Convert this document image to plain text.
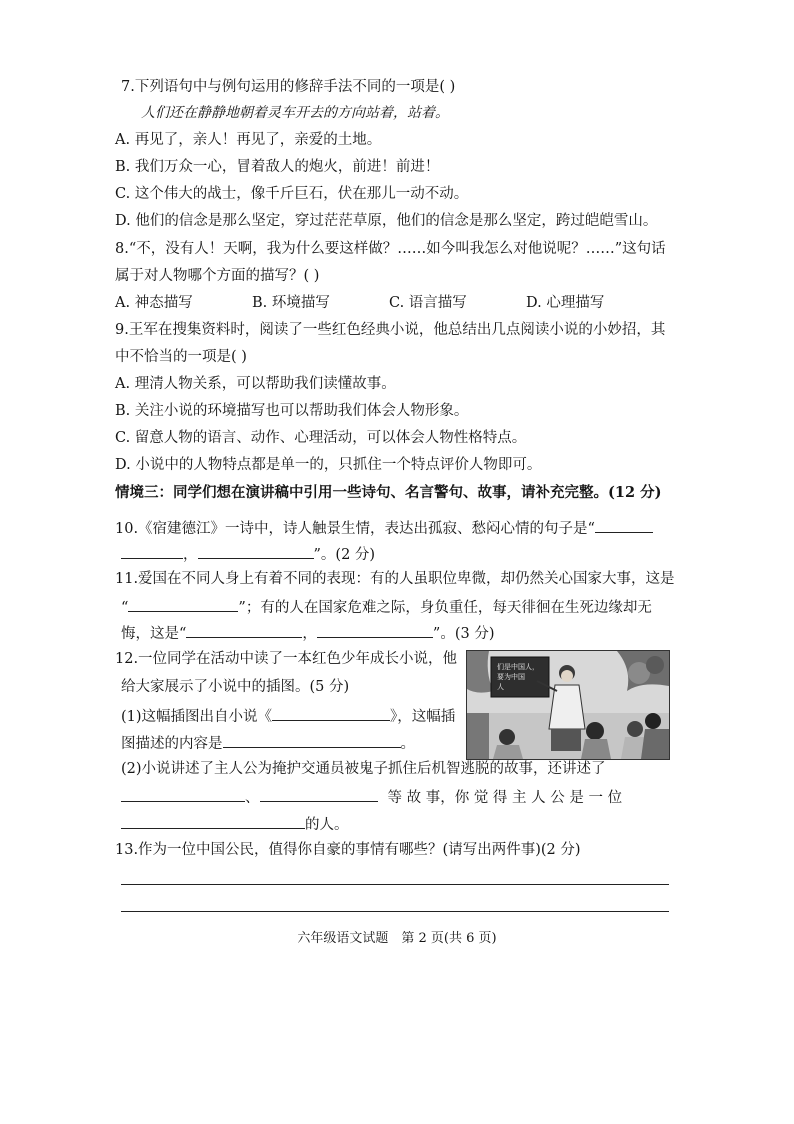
7.下列语句中与例句运用的修辞手法不同的一项是( )
人们还在静静地朝着灵车开去的方向站着，站着。
A. 再见了，亲人！再见了，亲爱的土地。
B. 我们万众一心，冒着敌人的炮火，前进！前进！
C. 这个伟大的战士，像千斤巨石，伏在那儿一动不动。
D. 他们的信念是那么坚定，穿过茫茫草原，他们的信念是那么坚定，跨过皑皑雪山。
8.“不，没有人！天啊，我为什么要这样做？……如今叫我怎么对他说呢？……”这句话
属于对人物哪个方面的描写？( )
A. 神态描写	B. 环境描写	C. 语言描写	D. 心理描写
9.王军在搜集资料时，阅读了一些红色经典小说，他总结出几点阅读小说的小妙招，其
中不恰当的一项是( )
A. 理清人物关系，可以帮助我们读懂故事。
B. 关注小说的环境描写也可以帮助我们体会人物形象。
C. 留意人物的语言、动作、心理活动，可以体会人物性格特点。
D. 小说中的人物特点都是单一的，只抓住一个特点评价人物即可。
情境三：同学们想在演讲稿中引用一些诗句、名言警句、故事，请补充完整。(12 分)
10.《宿建德江》一诗中，诗人触景生情，表达出孤寂、愁闷心情的句子是“
，	”。(2 分)
11.爱国在不同人身上有着不同的表现：有的人虽职位卑微，却仍然关心国家大事，这是
“	”；有的人在国家危难之际，身负重任，每天徘徊在生死边缘却无
悔，这是“	，	”。(3 分)
12.一位同学在活动中读了一本红色少年成长小说，他
给大家展示了小说中的插图。(5 分)
(1)这幅插图出自小说《	》，这幅插
图描述的内容是	。
们是中国人，
要为中国
人
(2)小说讲述了主人公为掩护交通员被鬼子抓住后机智逃脱的故事，还讲述了
、	等 故 事，你 觉 得 主 人 公 是 一 位
的人。
13.作为一位中国公民，值得你自豪的事情有哪些？(请写出两件事)(2 分)
六年级语文试题　第 2 页(共 6 页)
